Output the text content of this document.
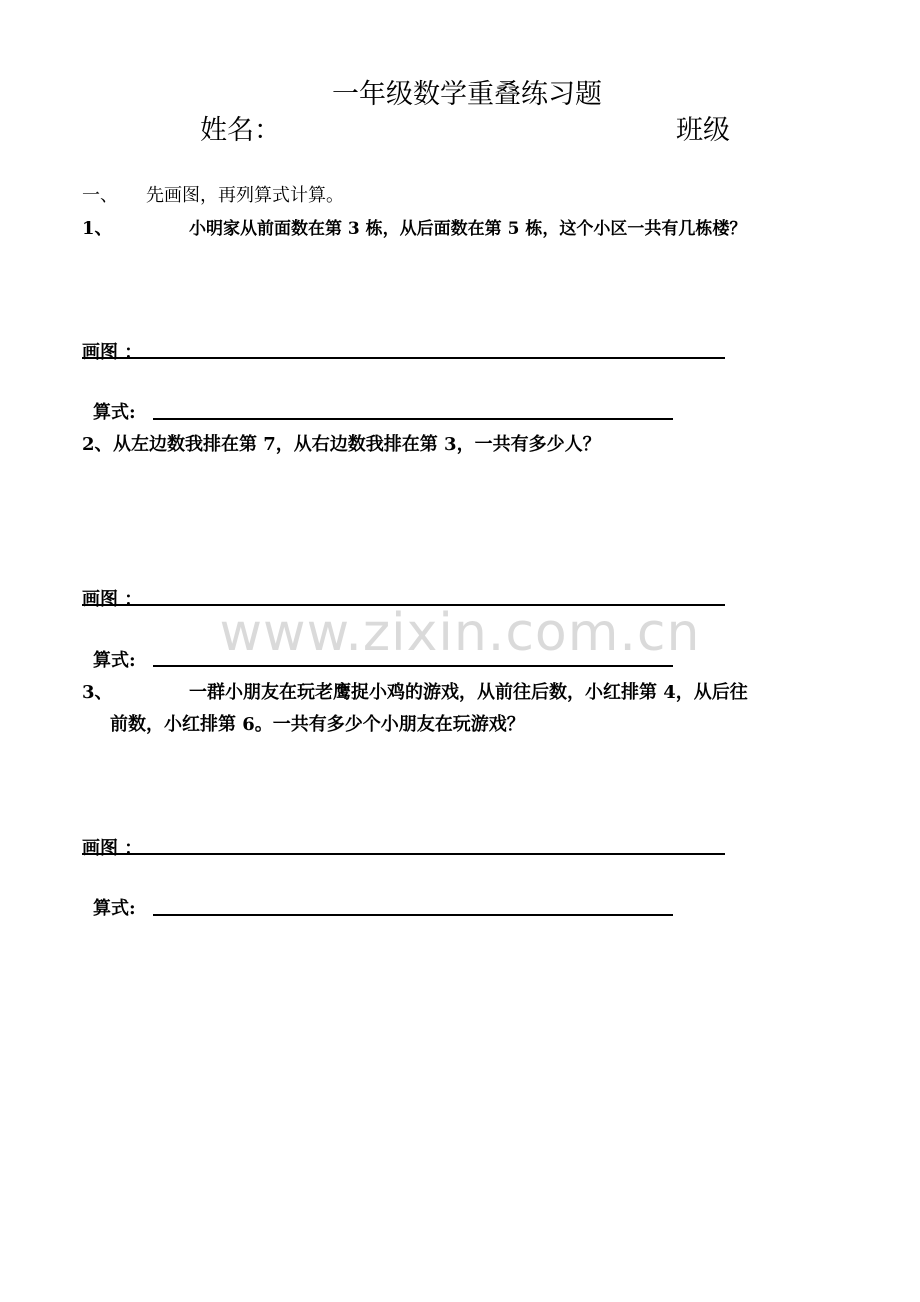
一年级数学重叠练习题
姓名：	班级
一、 先画图，再列算式计算。
1、	小明家从前面数在第 3 栋，从后面数在第 5 栋，这个小区一共有几栋楼？
画图 ：
算式:
2、 从左边数我排在第 7，从右边数我排在第 3，一共有多少人？
画图 ：
算式:
3、	一群小朋友在玩老鹰捉小鸡的游戏，从前往后数，小红排第 4，从后往
前数，小红排第 6。一共有多少个小朋友在玩游戏？
画图 ：
算式:
www.zixin.com.cn
